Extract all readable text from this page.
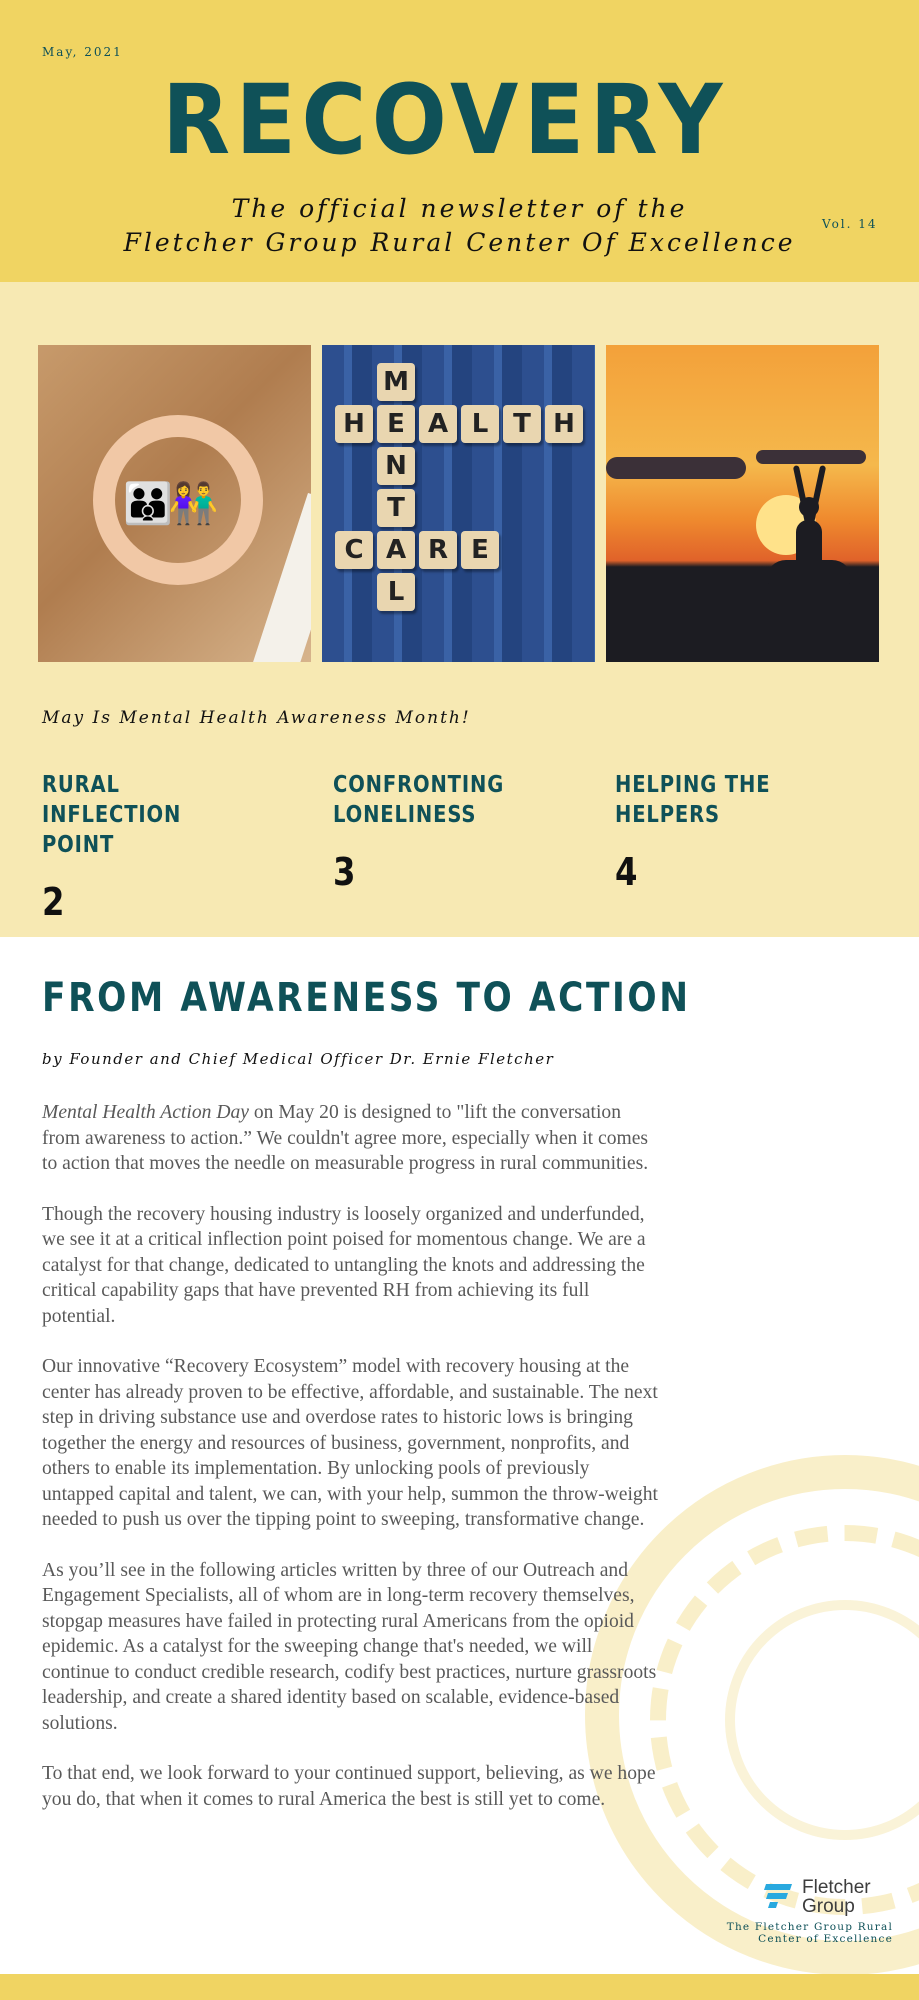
May, 2021
RECOVERY
The official newsletter of the
Fletcher Group Rural Center Of Excellence
Vol. 14
👪👫
M
E
N
T
A
L
H	A L T H
C	R E
May Is Mental Health Awareness Month!
RURAL
INFLECTION POINT
2
CONFRONTING
LONELINESS
3
HELPING THE
HELPERS
4
FROM AWARENESS TO ACTION
by Founder and Chief Medical Officer Dr. Ernie Fletcher

Mental Health Action Day on May 20 is designed to "lift the conversation from awareness to action.” We couldn't agree more, especially when it comes to action that moves the needle on measurable progress in rural communities.

Though the recovery housing industry is loosely organized and underfunded, we see it at a critical inflection point poised for momentous change. We are a catalyst for that change, dedicated to untangling the knots and addressing the critical capability gaps that have prevented RH from achieving its full potential.

Our innovative “Recovery Ecosystem” model with recovery housing at the center has already proven to be effective, affordable, and sustainable. The next step in driving substance use and overdose rates to historic lows is bringing together the energy and resources of business, government, nonprofits, and others to enable its implementation. By unlocking pools of previously untapped capital and talent, we can, with your help, summon the throw-weight needed to push us over the tipping point to sweeping, transformative change.

As you’ll see in the following articles written by three of our Outreach and Engagement Specialists, all of whom are in long-term recovery themselves, stopgap measures have failed in protecting rural Americans from the opioid epidemic. As a catalyst for the sweeping change that's needed, we will continue to conduct credible research, codify best practices, nurture grassroots leadership, and create a shared identity based on scalable, evidence-based solutions.

To that end, we look forward to your continued support, believing, as we hope you do, that when it comes to rural America the best is still yet to come.

Fletcher
Group
The Fletcher Group Rural
Center of Excellence
